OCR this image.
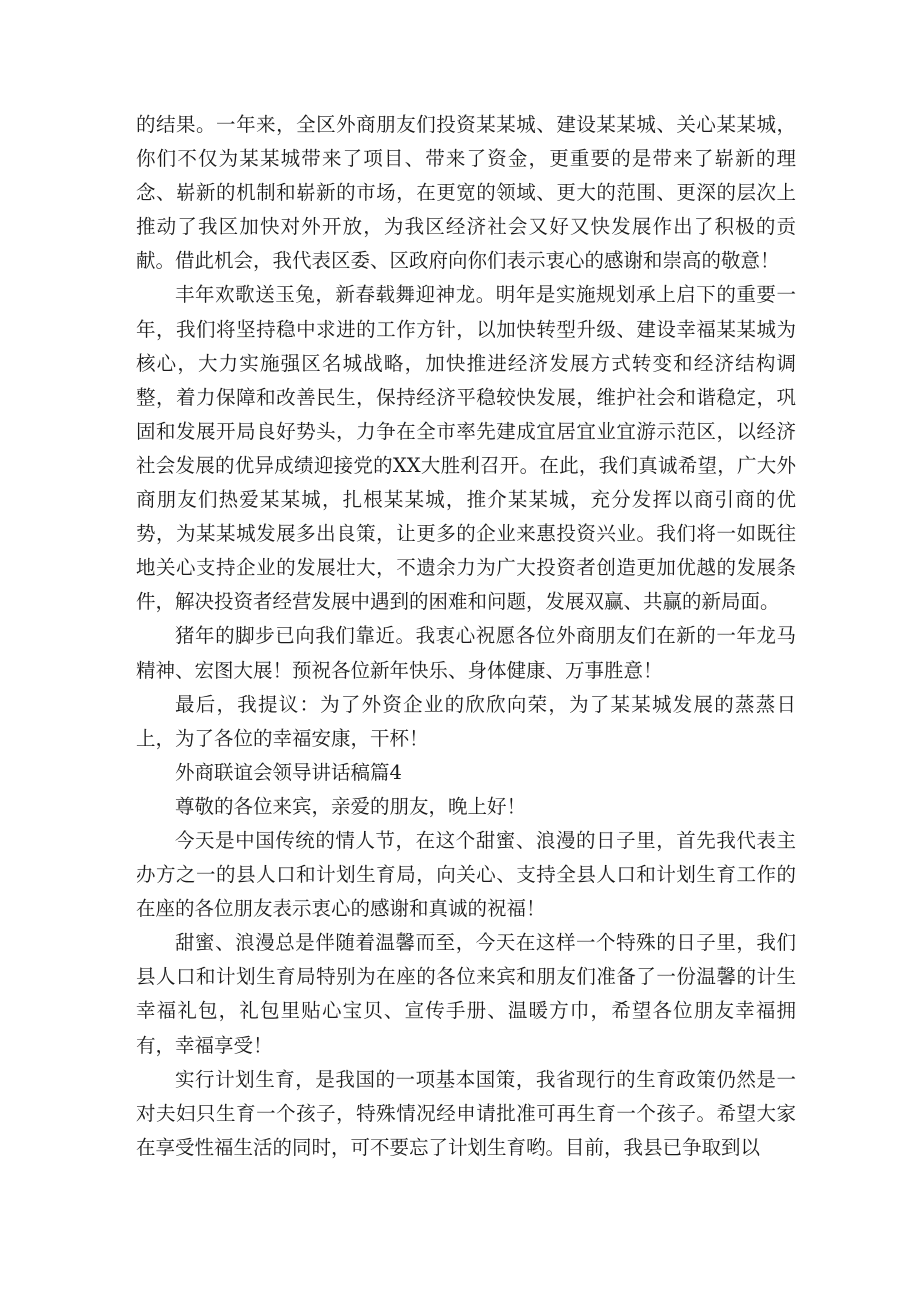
的结果。一年来，全区外商朋友们投资某某城、建设某某城、关心某某城，你们不仅为某某城带来了项目、带来了资金，更重要的是带来了崭新的理念、崭新的机制和崭新的市场，在更宽的领域、更大的范围、更深的层次上推动了我区加快对外开放，为我区经济社会又好又快发展作出了积极的贡献。借此机会，我代表区委、区政府向你们表示衷心的感谢和崇高的敬意！

丰年欢歌送玉兔，新春载舞迎神龙。明年是实施规划承上启下的重要一年，我们将坚持稳中求进的工作方针，以加快转型升级、建设幸福某某城为核心，大力实施强区名城战略，加快推进经济发展方式转变和经济结构调整，着力保障和改善民生，保持经济平稳较快发展，维护社会和谐稳定，巩固和发展开局良好势头，力争在全市率先建成宜居宜业宜游示范区，以经济社会发展的优异成绩迎接党的XX大胜利召开。在此，我们真诚希望，广大外商朋友们热爱某某城，扎根某某城，推介某某城，充分发挥以商引商的优势，为某某城发展多出良策，让更多的企业来惠投资兴业。我们将一如既往地关心支持企业的发展壮大，不遗余力为广大投资者创造更加优越的发展条件，解决投资者经营发展中遇到的困难和问题，发展双赢、共赢的新局面。

猪年的脚步已向我们靠近。我衷心祝愿各位外商朋友们在新的一年龙马精神、宏图大展！预祝各位新年快乐、身体健康、万事胜意！

最后，我提议：为了外资企业的欣欣向荣，为了某某城发展的蒸蒸日上，为了各位的幸福安康，干杯！

外商联谊会领导讲话稿篇4

尊敬的各位来宾，亲爱的朋友，晚上好！

今天是中国传统的情人节，在这个甜蜜、浪漫的日子里，首先我代表主办方之一的县人口和计划生育局，向关心、支持全县人口和计划生育工作的在座的各位朋友表示衷心的感谢和真诚的祝福！

甜蜜、浪漫总是伴随着温馨而至，今天在这样一个特殊的日子里，我们县人口和计划生育局特别为在座的各位来宾和朋友们准备了一份温馨的计生幸福礼包，礼包里贴心宝贝、宣传手册、温暖方巾，希望各位朋友幸福拥有，幸福享受！

实行计划生育，是我国的一项基本国策，我省现行的生育政策仍然是一对夫妇只生育一个孩子，特殊情况经申请批准可再生育一个孩子。希望大家在享受性福生活的同时，可不要忘了计划生育哟。目前，我县已争取到以
